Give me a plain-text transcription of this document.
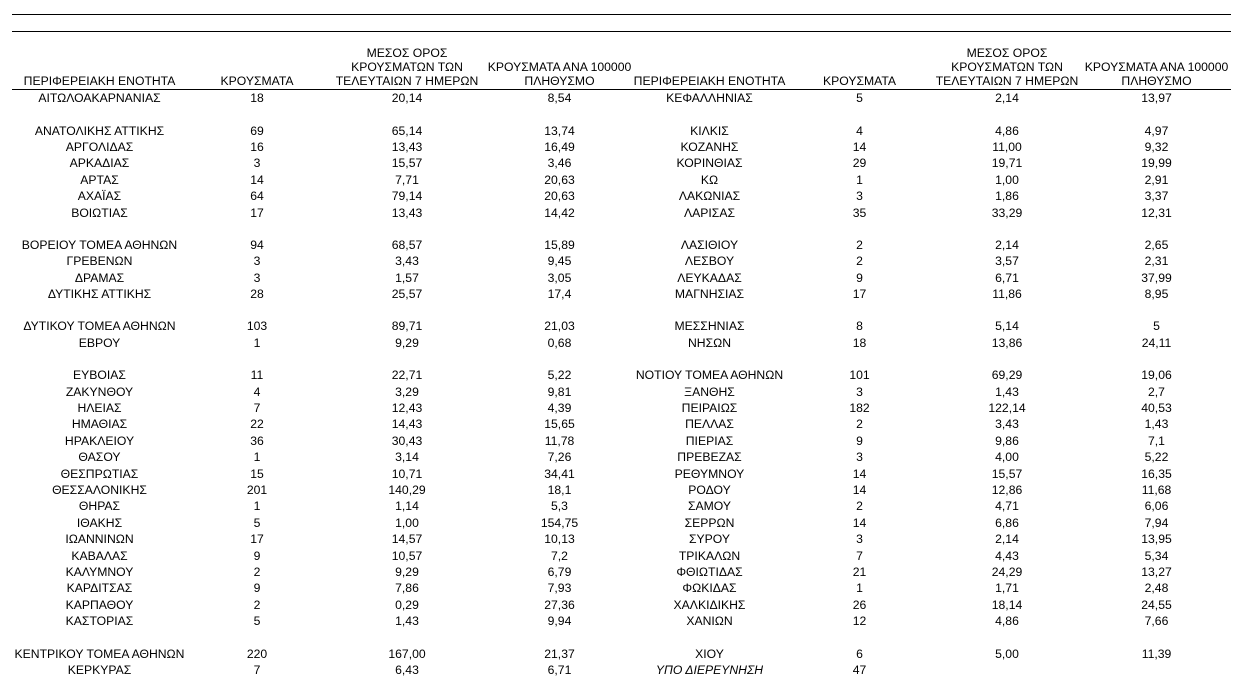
ΠΕΡΙΦΕΡΕΙΑΚΗ ΕΝΟΤΗΤΑ	ΚΡΟΥΣΜΑΤΑ	ΜΕΣΟΣ ΟΡΟΣ ΚΡΟΥΣΜΑΤΩΝ ΤΩΝ ΤΕΛΕΥΤΑΙΩΝ 7 ΗΜΕΡΩΝ	ΚΡΟΥΣΜΑΤΑ ΑΝΑ 100000 ΠΛΗΘΥΣΜΟ	ΠΕΡΙΦΕΡΕΙΑΚΗ ΕΝΟΤΗΤΑ	ΚΡΟΥΣΜΑΤΑ	ΜΕΣΟΣ ΟΡΟΣ ΚΡΟΥΣΜΑΤΩΝ ΤΩΝ ΤΕΛΕΥΤΑΙΩΝ 7 ΗΜΕΡΩΝ	ΚΡΟΥΣΜΑΤΑ ΑΝΑ 100000 ΠΛΗΘΥΣΜΟ
ΑΙΤΩΛΟΑΚΑΡΝΑΝΙΑΣ	18	20,14	8,54	ΚΕΦΑΛΛΗΝΙΑΣ	5	2,14	13,97

ΑΝΑΤΟΛΙΚΗΣ ΑΤΤΙΚΗΣ	69	65,14	13,74	ΚΙΛΚΙΣ	4	4,86	4,97
ΑΡΓΟΛΙΔΑΣ	16	13,43	16,49	ΚΟΖΑΝΗΣ	14	11,00	9,32
ΑΡΚΑΔΙΑΣ	3	15,57	3,46	ΚΟΡΙΝΘΙΑΣ	29	19,71	19,99
ΑΡΤΑΣ	14	7,71	20,63	ΚΩ	1	1,00	2,91
ΑΧΑΪΑΣ	64	79,14	20,63	ΛΑΚΩΝΙΑΣ	3	1,86	3,37
ΒΟΙΩΤΙΑΣ	17	13,43	14,42	ΛΑΡΙΣΑΣ	35	33,29	12,31

ΒΟΡΕΙΟΥ ΤΟΜΕΑ ΑΘΗΝΩΝ	94	68,57	15,89	ΛΑΣΙΘΙΟΥ	2	2,14	2,65
ΓΡΕΒΕΝΩΝ	3	3,43	9,45	ΛΕΣΒΟΥ	2	3,57	2,31
ΔΡΑΜΑΣ	3	1,57	3,05	ΛΕΥΚΑΔΑΣ	9	6,71	37,99
ΔΥΤΙΚΗΣ ΑΤΤΙΚΗΣ	28	25,57	17,4	ΜΑΓΝΗΣΙΑΣ	17	11,86	8,95

ΔΥΤΙΚΟΥ ΤΟΜΕΑ ΑΘΗΝΩΝ	103	89,71	21,03	ΜΕΣΣΗΝΙΑΣ	8	5,14	5
ΕΒΡΟΥ	1	9,29	0,68	ΝΗΣΩΝ	18	13,86	24,11

ΕΥΒΟΙΑΣ	11	22,71	5,22	ΝΟΤΙΟΥ ΤΟΜΕΑ ΑΘΗΝΩΝ	101	69,29	19,06
ΖΑΚΥΝΘΟΥ	4	3,29	9,81	ΞΑΝΘΗΣ	3	1,43	2,7
ΗΛΕΙΑΣ	7	12,43	4,39	ΠΕΙΡΑΙΩΣ	182	122,14	40,53
ΗΜΑΘΙΑΣ	22	14,43	15,65	ΠΕΛΛΑΣ	2	3,43	1,43
ΗΡΑΚΛΕΙΟΥ	36	30,43	11,78	ΠΙΕΡΙΑΣ	9	9,86	7,1
ΘΑΣΟΥ	1	3,14	7,26	ΠΡΕΒΕΖΑΣ	3	4,00	5,22
ΘΕΣΠΡΩΤΙΑΣ	15	10,71	34,41	ΡΕΘΥΜΝΟΥ	14	15,57	16,35
ΘΕΣΣΑΛΟΝΙΚΗΣ	201	140,29	18,1	ΡΟΔΟΥ	14	12,86	11,68
ΘΗΡΑΣ	1	1,14	5,3	ΣΑΜΟΥ	2	4,71	6,06
ΙΘΑΚΗΣ	5	1,00	154,75	ΣΕΡΡΩΝ	14	6,86	7,94
ΙΩΑΝΝΙΝΩΝ	17	14,57	10,13	ΣΥΡΟΥ	3	2,14	13,95
ΚΑΒΑΛΑΣ	9	10,57	7,2	ΤΡΙΚΑΛΩΝ	7	4,43	5,34
ΚΑΛΥΜΝΟΥ	2	9,29	6,79	ΦΘΙΩΤΙΔΑΣ	21	24,29	13,27
ΚΑΡΔΙΤΣΑΣ	9	7,86	7,93	ΦΩΚΙΔΑΣ	1	1,71	2,48
ΚΑΡΠΑΘΟΥ	2	0,29	27,36	ΧΑΛΚΙΔΙΚΗΣ	26	18,14	24,55
ΚΑΣΤΟΡΙΑΣ	5	1,43	9,94	ΧΑΝΙΩΝ	12	4,86	7,66

ΚΕΝΤΡΙΚΟΥ ΤΟΜΕΑ ΑΘΗΝΩΝ	220	167,00	21,37	ΧΙΟΥ	6	5,00	11,39
ΚΕΡΚΥΡΑΣ	7	6,43	6,71	ΥΠΟ ΔΙΕΡΕΥΝΗΣΗ	47		
